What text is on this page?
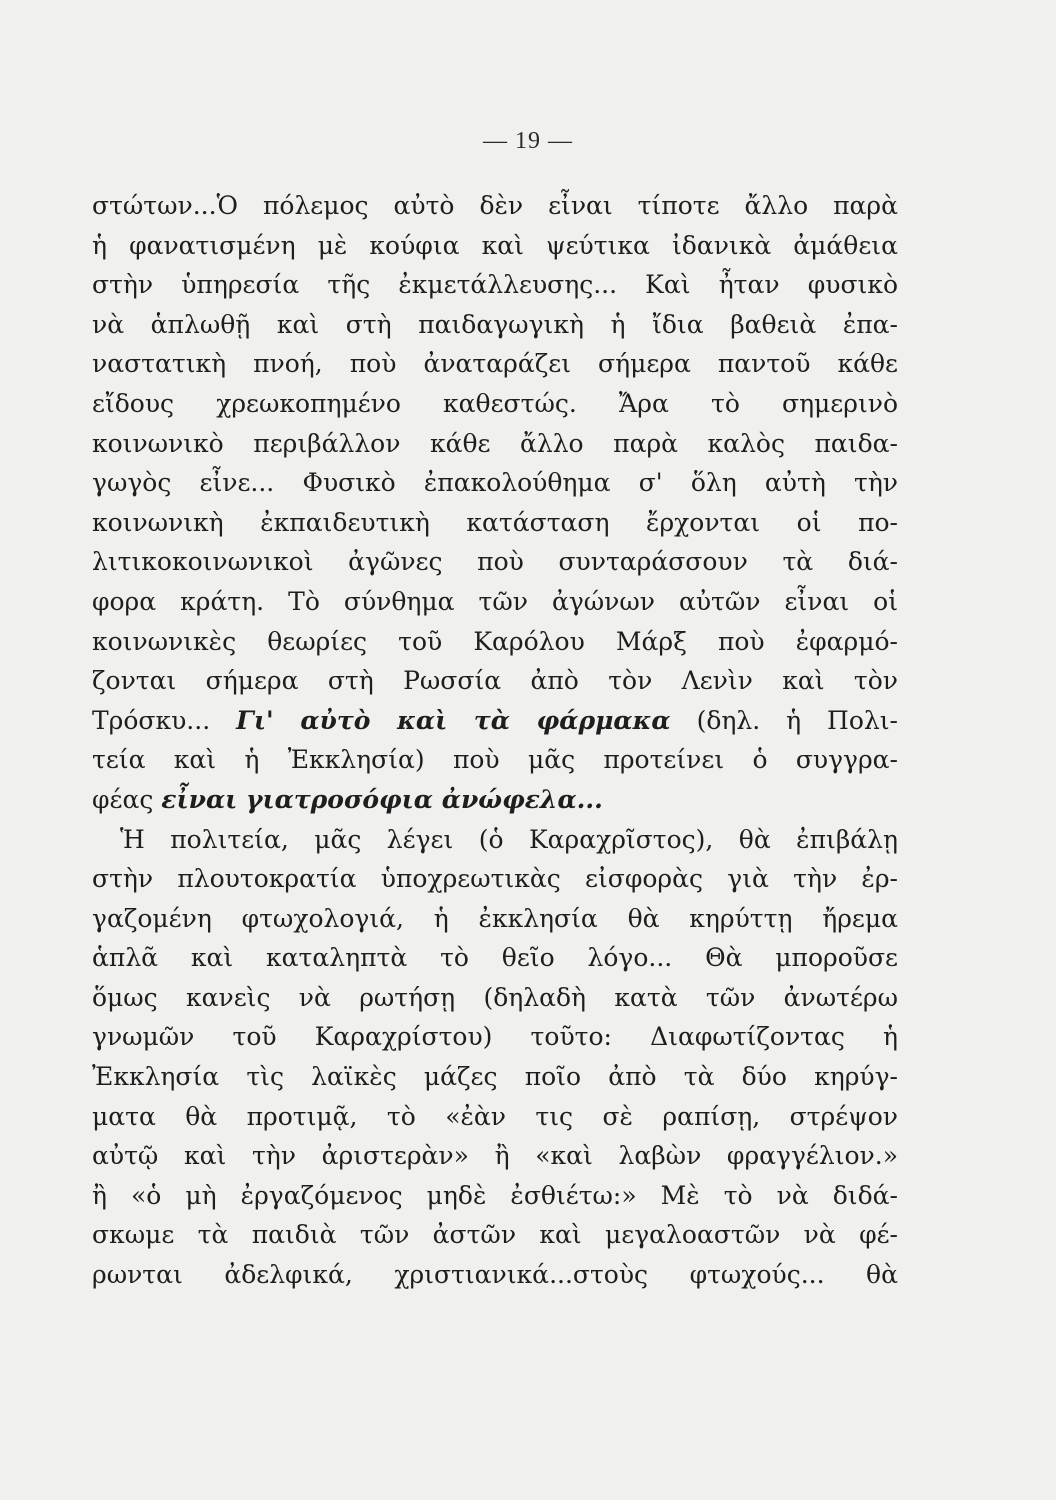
— 19 —
στώτων...Ὁ πόλεμος αὐτὸ δὲν εἶναι τίποτε ἄλλο παρὰ
ἡ φανατισμένη μὲ κούφια καὶ ψεύτικα ἰδανικὰ ἀμάθεια
στὴν ὑπηρεσία τῆς ἐκμετάλλευσης... Καὶ ἦταν φυσικὸ
νὰ ἁπλωθῇ καὶ στὴ παιδαγωγικὴ ἡ ἴδια βαθειὰ ἐπα-
ναστατικὴ πνοή, ποὺ ἀναταράζει σήμερα παντοῦ κάθε
εἴδους χρεωκοπημένο καθεστώς. Ἄρα τὸ σημερινὸ
κοινωνικὸ περιβάλλον κάθε ἄλλο παρὰ καλὸς παιδα-
γωγὸς εἶνε... Φυσικὸ ἐπακολούθημα σ' ὅλη αὐτὴ τὴν
κοινωνικὴ ἐκπαιδευτικὴ κατάσταση ἔρχονται οἱ πο-
λιτικοκοινωνικοὶ ἀγῶνες ποὺ συνταράσσουν τὰ διά-
φορα κράτη. Τὸ σύνθημα τῶν ἀγώνων αὐτῶν εἶναι οἱ
κοινωνικὲς θεωρίες τοῦ Καρόλου Μάρξ ποὺ ἐφαρμό-
ζονται σήμερα στὴ Ρωσσία ἀπὸ τὸν Λενὶν καὶ τὸν
Τρόσκυ... Γι' αὐτὸ καὶ τὰ φάρμακα (δηλ. ἡ Πολι-
τεία καὶ ἡ Ἐκκλησία) ποὺ μᾶς προτείνει ὁ συγγρα-
φέας εἶναι γιατροσόφια ἀνώφελα...
Ἡ πολιτεία, μᾶς λέγει (ὁ Καραχρῖστος), θὰ ἐπιβάλῃ
στὴν πλουτοκρατία ὑποχρεωτικὰς εἰσφορὰς γιὰ τὴν ἐρ-
γαζομένη φτωχολογιά, ἡ ἐκκλησία θὰ κηρύττῃ ἤρεμα
ἁπλᾶ καὶ καταληπτὰ τὸ θεῖο λόγο... Θὰ μποροῦσε
ὅμως κανεὶς νὰ ρωτήσῃ (δηλαδὴ κατὰ τῶν ἀνωτέρω
γνωμῶν τοῦ Καραχρίστου) τοῦτο: Διαφωτίζοντας ἡ
Ἐκκλησία τὶς λαϊκὲς μάζες ποῖο ἀπὸ τὰ δύο κηρύγ-
ματα θὰ προτιμᾷ, τὸ «ἐὰν τις σὲ ραπίσῃ, στρέψον
αὐτῷ καὶ τὴν ἀριστερὰν» ἢ «καὶ λαβὼν φραγγέλιον.»
ἢ «ὁ μὴ ἐργαζόμενος μηδὲ ἐσθιέτω:» Μὲ τὸ νὰ διδά-
σκωμε τὰ παιδιὰ τῶν ἀστῶν καὶ μεγαλοαστῶν νὰ φέ-
ρωνται ἀδελφικά, χριστιανικά...στοὺς φτωχούς... θὰ
